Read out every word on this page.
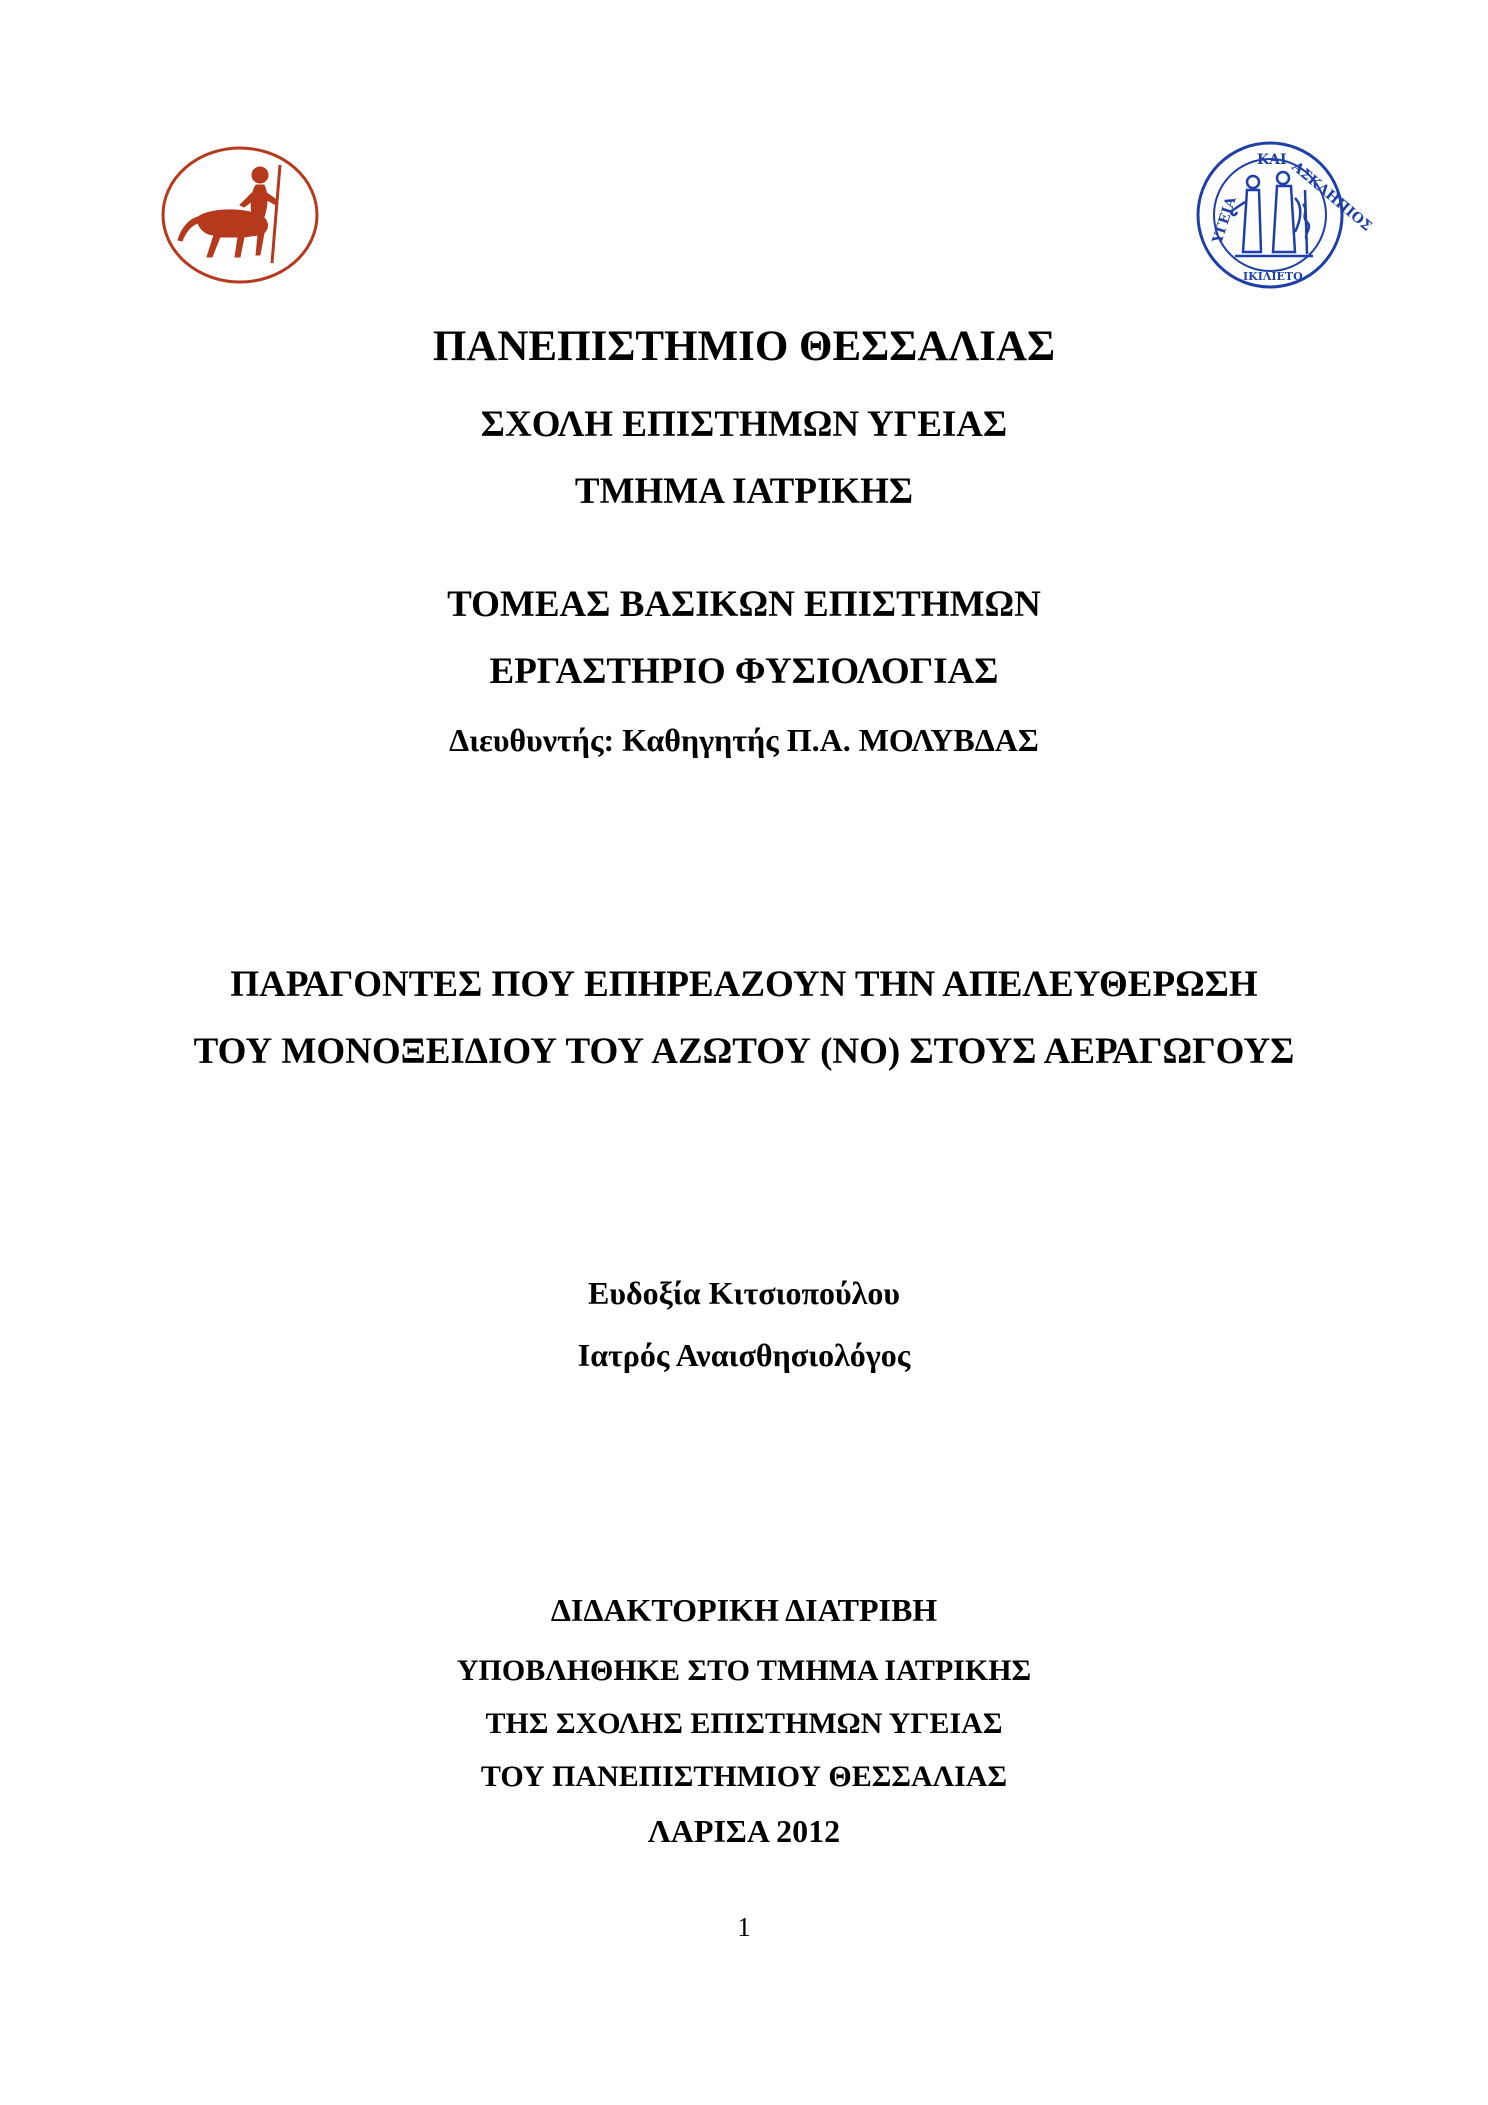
ΚΑΙ
ΥΓΕΙΑ	ΑΣΚΛΗΠΙΟΣ
ΙΚΙΛΙΕΤΟ
ΠΑΝΕΠΙΣΤΗΜΙΟ ΘΕΣΣΑΛΙΑΣ
ΣΧΟΛΗ ΕΠΙΣΤΗΜΩΝ ΥΓΕΙΑΣ
ΤΜΗΜΑ ΙΑΤΡΙΚΗΣ
ΤΟΜΕΑΣ ΒΑΣΙΚΩΝ ΕΠΙΣΤΗΜΩΝ
ΕΡΓΑΣΤΗΡΙΟ ΦΥΣΙΟΛΟΓΙΑΣ
Διευθυντής: Καθηγητής Π.Α. ΜΟΛΥΒΔΑΣ
ΠΑΡΑΓΟΝΤΕΣ ΠΟΥ ΕΠΗΡΕΑΖΟΥΝ ΤΗΝ ΑΠΕΛΕΥΘΕΡΩΣΗ
ΤΟΥ ΜΟΝΟΞΕΙΔΙΟΥ ΤΟΥ ΑΖΩΤΟΥ (ΝΟ) ΣΤΟΥΣ ΑΕΡΑΓΩΓΟΥΣ
Ευδοξία Κιτσιοπούλου
Ιατρός Αναισθησιολόγος
ΔΙΔΑΚΤΟΡΙΚΗ ΔΙΑΤΡΙΒΗ
ΥΠΟΒΛΗΘΗΚΕ ΣΤΟ ΤΜΗΜΑ ΙΑΤΡΙΚΗΣ
ΤΗΣ ΣΧΟΛΗΣ ΕΠΙΣΤΗΜΩΝ ΥΓΕΙΑΣ
ΤΟΥ ΠΑΝΕΠΙΣΤΗΜΙΟΥ ΘΕΣΣΑΛΙΑΣ
ΛΑΡΙΣΑ 2012
1
